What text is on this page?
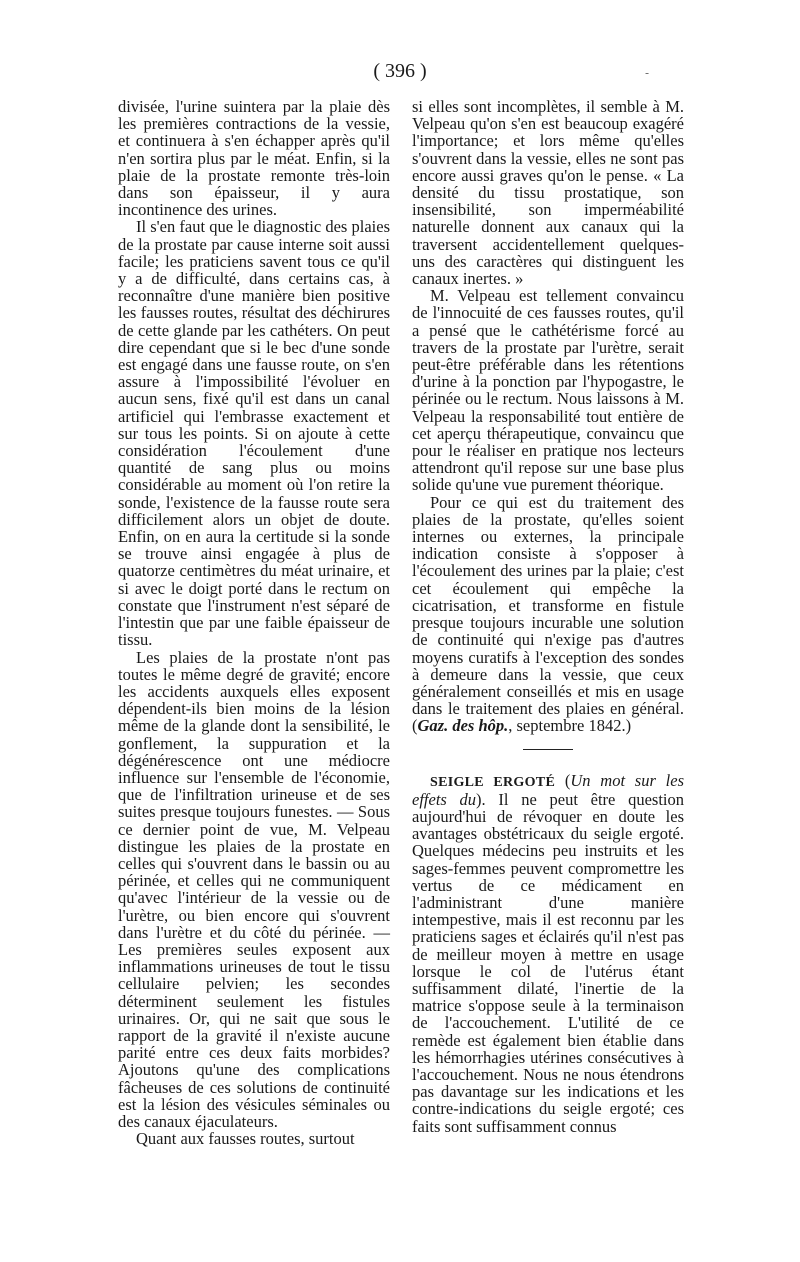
( 396 )	-

divisée, l'urine suintera par la plaie dès les premières contractions de la vessie, et continuera à s'en échapper après qu'il n'en sortira plus par le méat. Enfin, si la plaie de la prostate remonte très-loin dans son épaisseur, il y aura incontinence des urines.

Il s'en faut que le diagnostic des plaies de la prostate par cause interne soit aussi facile; les praticiens savent tous ce qu'il y a de difficulté, dans certains cas, à reconnaître d'une manière bien positive les fausses routes, résultat des déchirures de cette glande par les cathéters. On peut dire cependant que si le bec d'une sonde est engagé dans une fausse route, on s'en assure à l'impossibilité l'évoluer en aucun sens, fixé qu'il est dans un canal artificiel qui l'embrasse exactement et sur tous les points. Si on ajoute à cette considération l'écoulement d'une quantité de sang plus ou moins considérable au moment où l'on retire la sonde, l'existence de la fausse route sera difficilement alors un objet de doute. Enfin, on en aura la certitude si la sonde se trouve ainsi engagée à plus de quatorze centimètres du méat urinaire, et si avec le doigt porté dans le rectum on constate que l'instrument n'est séparé de l'intestin que par une faible épaisseur de tissu.

Les plaies de la prostate n'ont pas toutes le même degré de gravité; encore les accidents auxquels elles exposent dépendent-ils bien moins de la lésion même de la glande dont la sensibilité, le gonflement, la suppuration et la dégénérescence ont une médiocre influence sur l'ensemble de l'économie, que de l'infiltration urineuse et de ses suites presque toujours funestes. — Sous ce dernier point de vue, M. Velpeau distingue les plaies de la prostate en celles qui s'ouvrent dans le bassin ou au périnée, et celles qui ne communiquent qu'avec l'intérieur de la vessie ou de l'urètre, ou bien encore qui s'ouvrent dans l'urètre et du côté du périnée. — Les premières seules exposent aux inflammations urineuses de tout le tissu cellulaire pelvien; les secondes déterminent seulement les fistules urinaires. Or, qui ne sait que sous le rapport de la gravité il n'existe aucune parité entre ces deux faits morbides? Ajoutons qu'une des complications fâcheuses de ces solutions de continuité est la lésion des vésicules séminales ou des canaux éjaculateurs.

Quant aux fausses routes, surtout

si elles sont incomplètes, il semble à M. Velpeau qu'on s'en est beaucoup exagéré l'importance; et lors même qu'elles s'ouvrent dans la vessie, elles ne sont pas encore aussi graves qu'on le pense. « La densité du tissu prostatique, son insensibilité, son imperméabilité naturelle donnent aux canaux qui la traversent accidentellement quelques-uns des caractères qui distinguent les canaux inertes. »

M. Velpeau est tellement convaincu de l'innocuité de ces fausses routes, qu'il a pensé que le cathétérisme forcé au travers de la prostate par l'urètre, serait peut-être préférable dans les rétentions d'urine à la ponction par l'hypogastre, le périnée ou le rectum. Nous laissons à M. Velpeau la responsabilité tout entière de cet aperçu thérapeutique, convaincu que pour le réaliser en pratique nos lecteurs attendront qu'il repose sur une base plus solide qu'une vue purement théorique.

Pour ce qui est du traitement des plaies de la prostate, qu'elles soient internes ou externes, la principale indication consiste à s'opposer à l'écoulement des urines par la plaie; c'est cet écoulement qui empêche la cicatrisation, et transforme en fistule presque toujours incurable une solution de continuité qui n'exige pas d'autres moyens curatifs à l'exception des sondes à demeure dans la vessie, que ceux généralement conseillés et mis en usage dans le traitement des plaies en général. (Gaz. des hôp., septembre 1842.)

SEIGLE ERGOTÉ (Un mot sur les effets du). Il ne peut être question aujourd'hui de révoquer en doute les avantages obstétricaux du seigle ergoté. Quelques médecins peu instruits et les sages-femmes peuvent compromettre les vertus de ce médicament en l'administrant d'une manière intempestive, mais il est reconnu par les praticiens sages et éclairés qu'il n'est pas de meilleur moyen à mettre en usage lorsque le col de l'utérus étant suffisamment dilaté, l'inertie de la matrice s'oppose seule à la terminaison de l'accouchement. L'utilité de ce remède est également bien établie dans les hémorrhagies utérines consécutives à l'accouchement. Nous ne nous étendrons pas davantage sur les indications et les contre-indications du seigle ergoté; ces faits sont suffisamment connus
